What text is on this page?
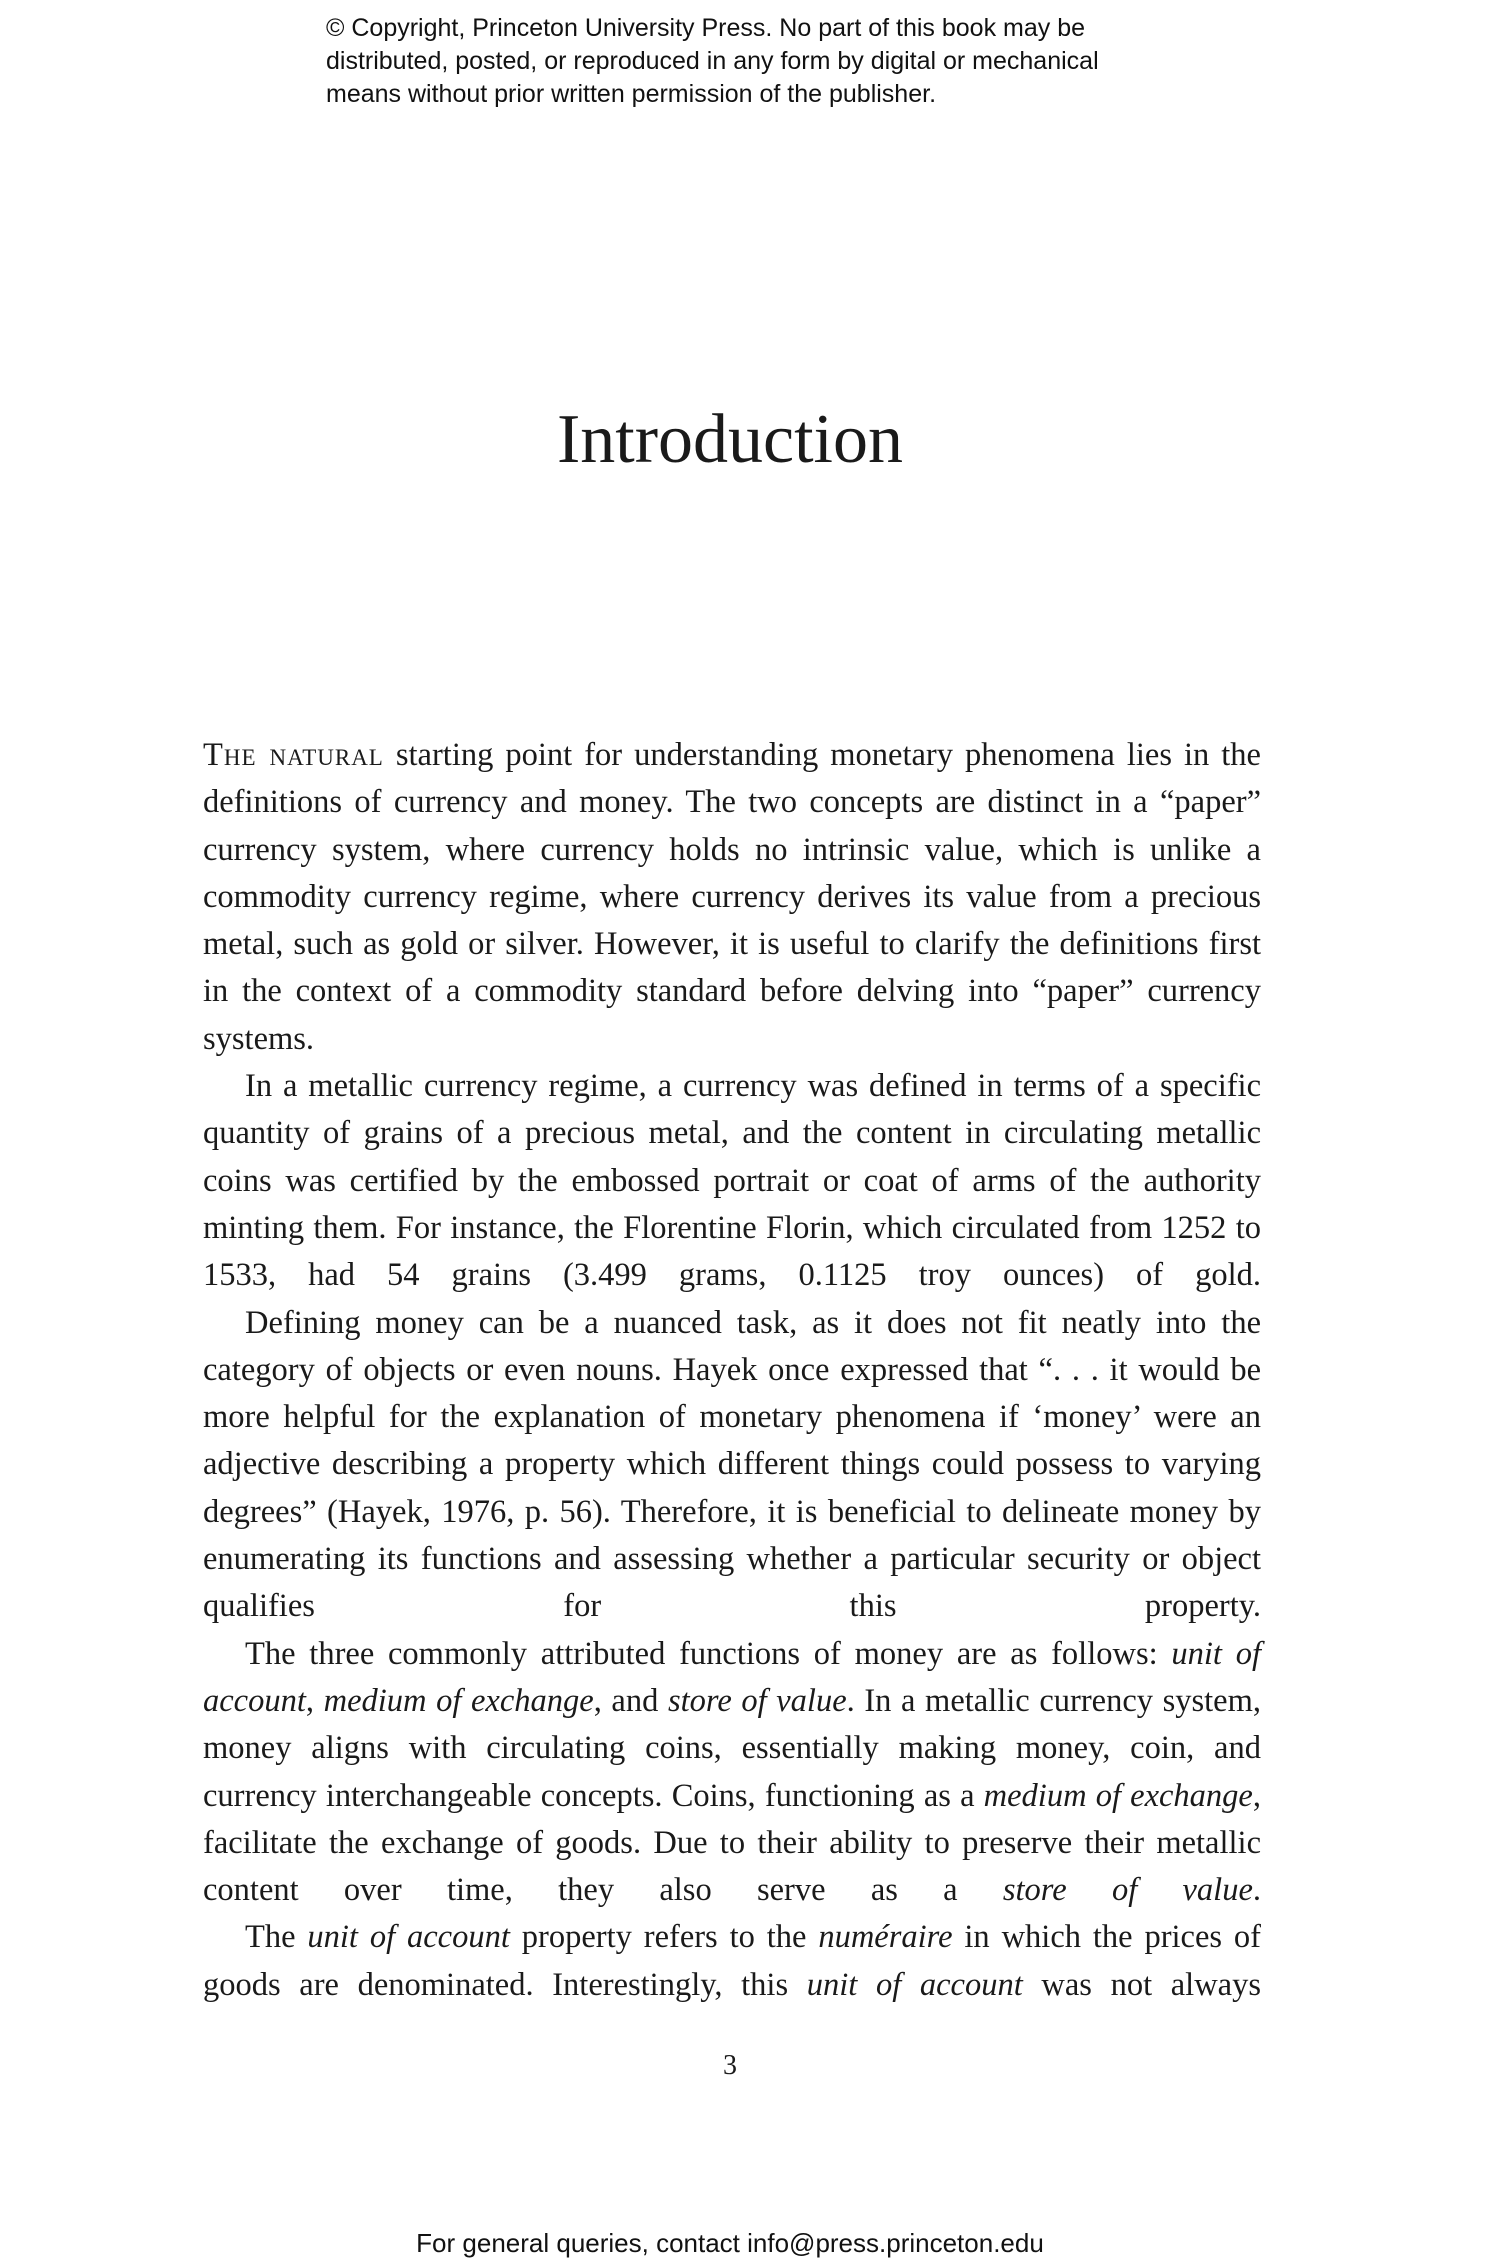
© Copyright, Princeton University Press. No part of this book may be
distributed, posted, or reproduced in any form by digital or mechanical
means without prior written permission of the publisher.
Introduction

The natural starting point for understanding monetary phenomena lies in the definitions of currency and money. The two concepts are distinct in a “paper” currency system, where currency holds no intrinsic value, which is unlike a commodity currency regime, where currency derives its value from a precious metal, such as gold or silver. However, it is useful to clarify the definitions first in the context of a commodity standard before delving into “paper” currency systems.

In a metallic currency regime, a currency was defined in terms of a specific quantity of grains of a precious metal, and the content in circulating metallic coins was certified by the embossed portrait or coat of arms of the authority minting them. For instance, the Florentine Florin, which circulated from 1252 to 1533, had 54 grains (3.499 grams, 0.1125 troy ounces) of gold.

Defining money can be a nuanced task, as it does not fit neatly into the category of objects or even nouns. Hayek once expressed that “. . . it would be more helpful for the explanation of monetary phenomena if ‘money’ were an adjective describing a property which different things could possess to varying degrees” (Hayek, 1976, p. 56). Therefore, it is beneficial to delineate money by enumerating its functions and assessing whether a particular security or object qualifies for this property.

The three commonly attributed functions of money are as follows: unit of account, medium of exchange, and store of value. In a metallic currency system, money aligns with circulating coins, essentially making money, coin, and currency interchangeable concepts. Coins, functioning as a medium of exchange, facilitate the exchange of goods. Due to their ability to preserve their metallic content over time, they also serve as a store of value.

The unit of account property refers to the numéraire in which the prices of goods are denominated. Interestingly, this unit of account was not always

3
For general queries, contact info@press.princeton.edu
